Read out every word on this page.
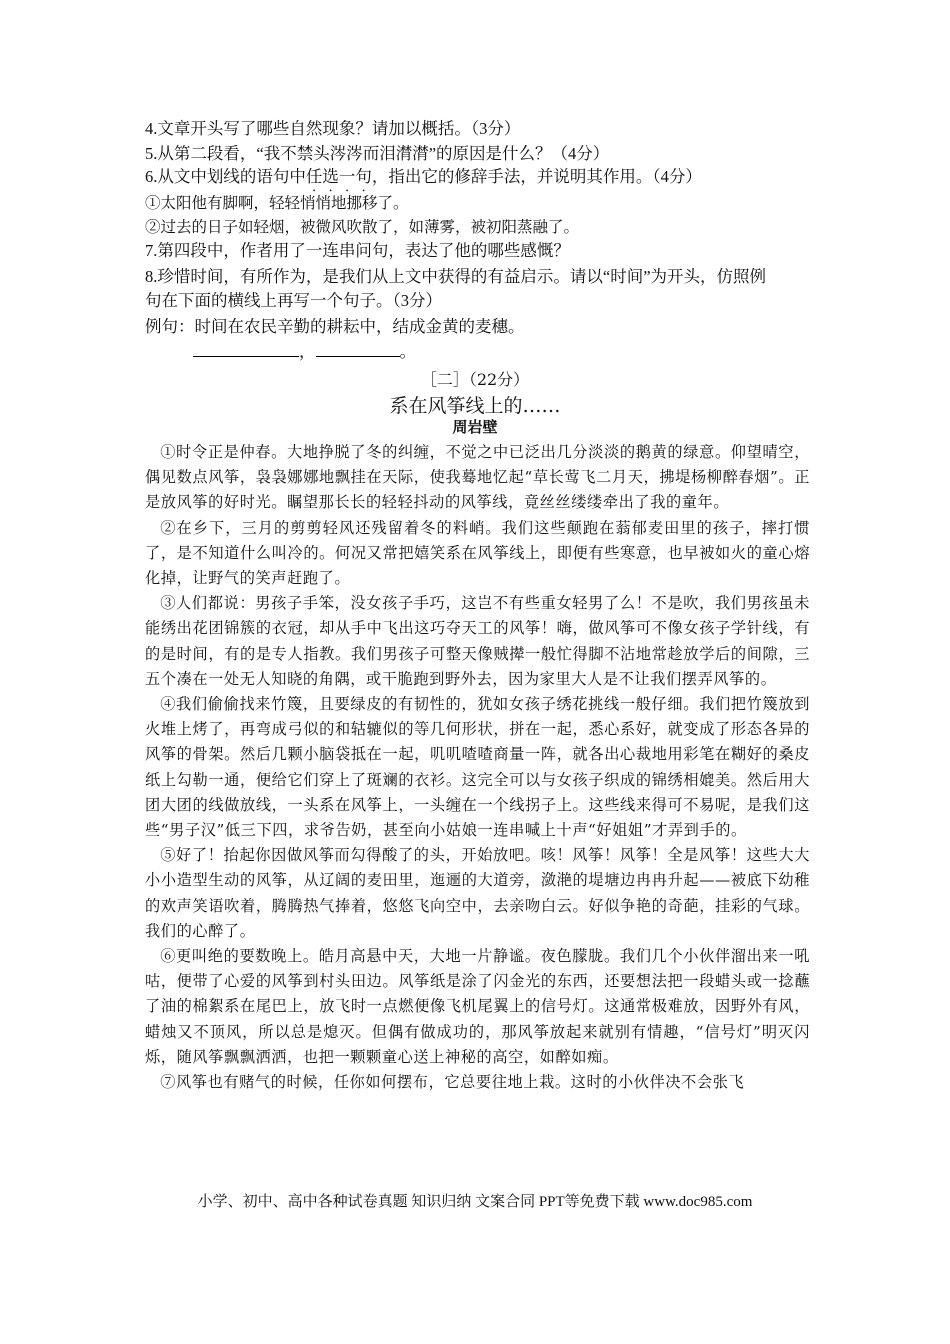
4.文章开头写了哪些自然现象？请加以概括。（3分）
5.从第二段看，“我不禁头涔涔而泪潸潸”的原因是什么？（4分）
6.从文中划线的语句中任选一句，指出它的修辞手法，并说明其作用。（4分）
①太阳他有脚啊，轻轻悄悄地挪移了。
②过去的日子如轻烟，被微风吹散了，如薄雾，被初阳蒸融了。
7.第四段中，作者用了一连串问句，表达了他的哪些感慨？
8.珍惜时间，有所作为，是我们从上文中获得的有益启示。请以“时间”为开头，仿照例
句在下面的横线上再写一个句子。（3分）
例句：时间在农民辛勤的耕耘中，结成金黄的麦穗。
，	。
［二］（22分）
系在风筝线上的……
周岩壁

①时令正是仲春。大地挣脱了冬的纠缠，不觉之中已泛出几分淡淡的鹅黄的绿意。仰望晴空，偶见数点风筝，袅袅娜娜地飘挂在天际，使我蓦地忆起“草长莺飞二月天，拂堤杨柳醉春烟”。正是放风筝的好时光。瞩望那长长的轻轻抖动的风筝线，竟丝丝缕缕牵出了我的童年。

②在乡下，三月的剪剪轻风还残留着冬的料峭。我们这些颠跑在蓊郁麦田里的孩子，摔打惯了，是不知道什么叫冷的。何况又常把嬉笑系在风筝线上，即便有些寒意，也早被如火的童心熔化掉，让野气的笑声赶跑了。

③人们都说：男孩子手笨，没女孩子手巧，这岂不有些重女轻男了么！不是吹，我们男孩虽未能绣出花团锦簇的衣冠，却从手中飞出这巧夺天工的风筝！嗨，做风筝可不像女孩子学针线，有的是时间，有的是专人指教。我们男孩子可整天像贼撵一般忙得脚不沾地常趁放学后的间隙，三五个凑在一处无人知晓的角隅，或干脆跑到野外去，因为家里大人是不让我们摆弄风筝的。

④我们偷偷找来竹篾，且要绿皮的有韧性的，犹如女孩子绣花挑线一般仔细。我们把竹篾放到火堆上烤了，再弯成弓似的和轱辘似的等几何形状，拼在一起，悉心系好，就变成了形态各异的风筝的骨架。然后几颗小脑袋抵在一起，叽叽喳喳商量一阵，就各出心裁地用彩笔在糊好的桑皮纸上勾勒一通，便给它们穿上了斑斓的衣衫。这完全可以与女孩子织成的锦绣相媲美。然后用大团大团的线做放线，一头系在风筝上，一头缠在一个线拐子上。这些线来得可不易呢，是我们这些“男子汉”低三下四，求爷告奶，甚至向小姑娘一连串喊上十声“好姐姐”才弄到手的。

⑤好了！抬起你因做风筝而勾得酸了的头，开始放吧。咳！风筝！风筝！全是风筝！这些大大小小造型生动的风筝，从辽阔的麦田里，迤逦的大道旁，潋滟的堤塘边冉冉升起——被底下幼稚的欢声笑语吹着，腾腾热气捧着，悠悠飞向空中，去亲吻白云。好似争艳的奇葩，挂彩的气球。我们的心醉了。

⑥更叫绝的要数晚上。皓月高悬中天，大地一片静谧。夜色朦胧。我们几个小伙伴溜出来一吼咕，便带了心爱的风筝到村头田边。风筝纸是涂了闪金光的东西，还要想法把一段蜡头或一捻蘸了油的棉絮系在尾巴上，放飞时一点燃便像飞机尾翼上的信号灯。这通常极难放，因野外有风，蜡烛又不顶风，所以总是熄灭。但偶有做成功的，那风筝放起来就别有情趣，“信号灯”明灭闪烁，随风筝飘飘洒洒，也把一颗颗童心送上神秘的高空，如醉如痴。

⑦风筝也有赌气的时候，任你如何摆布，它总要往地上栽。这时的小伙伴决不会张飞

小学、初中、高中各种试卷真题 知识归纳 文案合同 PPT等免费下载 www.doc985.com
